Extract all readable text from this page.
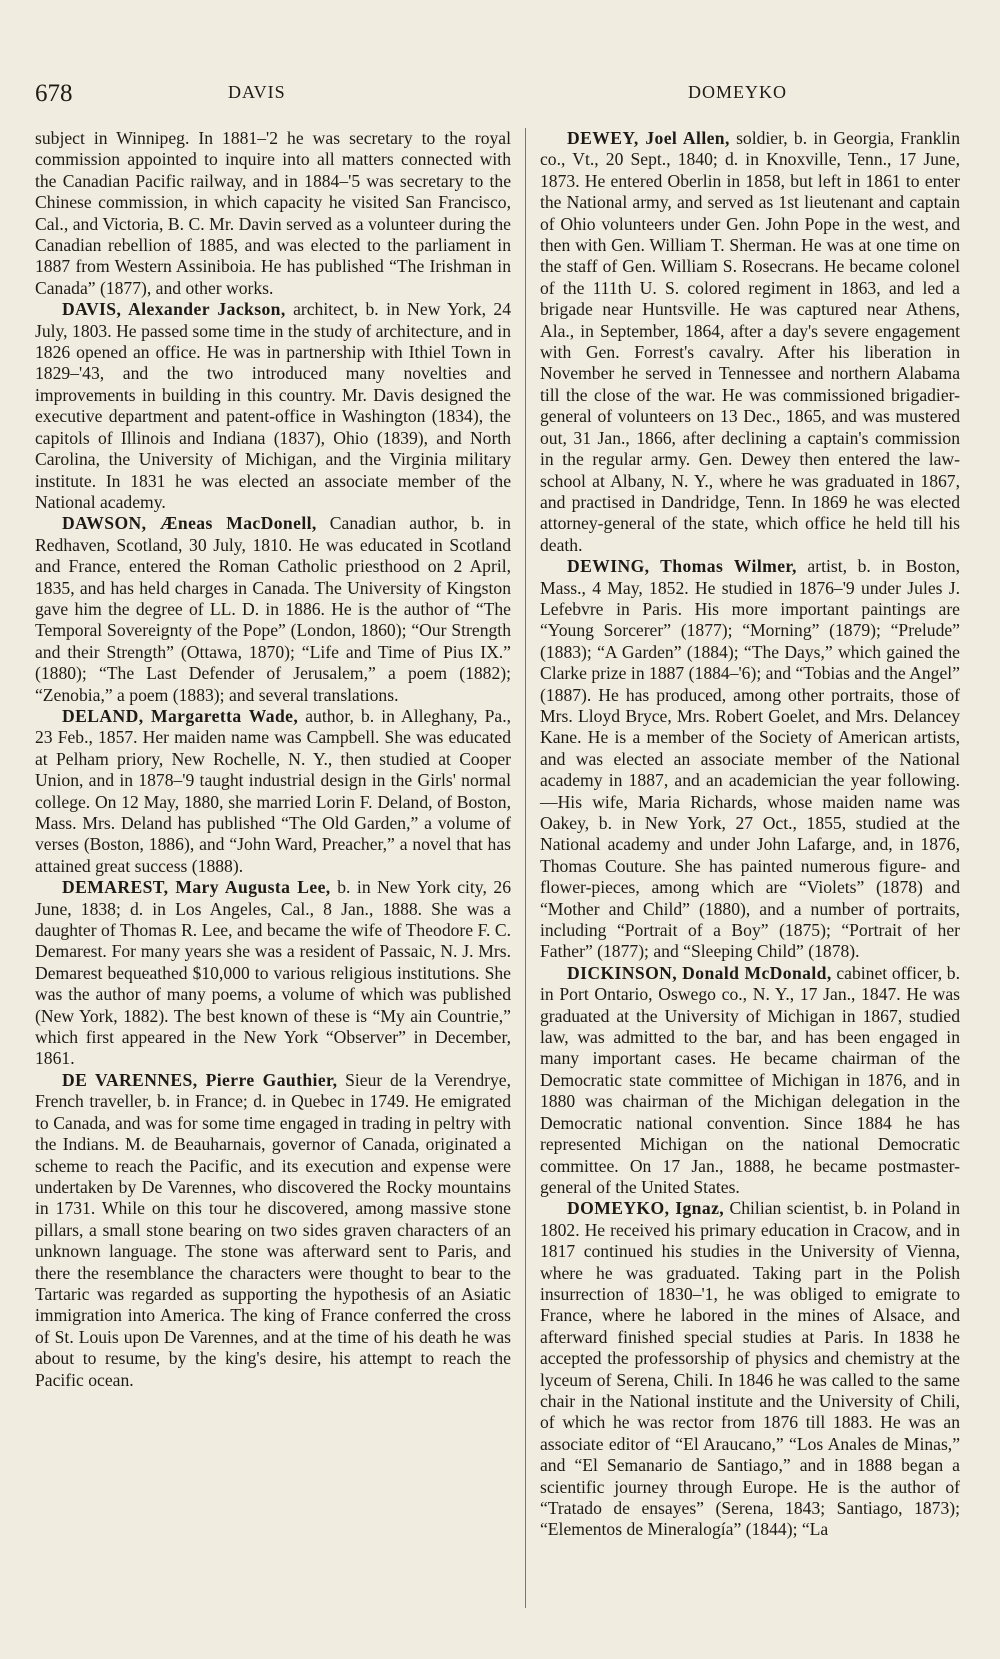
678	DAVIS	DOMEYKO

subject in Winnipeg. In 1881–'2 he was secretary to the royal commission appointed to inquire into all matters connected with the Canadian Pacific railway, and in 1884–'5 was secretary to the Chinese commission, in which capacity he visited San Francisco, Cal., and Victoria, B. C. Mr. Davin served as a volunteer during the Canadian rebellion of 1885, and was elected to the parliament in 1887 from Western Assiniboia. He has published “The Irishman in Canada” (1877), and other works.

DAVIS, Alexander Jackson, architect, b. in New York, 24 July, 1803. He passed some time in the study of architecture, and in 1826 opened an office. He was in partnership with Ithiel Town in 1829–'43, and the two introduced many novelties and improvements in building in this country. Mr. Davis designed the executive department and patent-office in Washington (1834), the capitols of Illinois and Indiana (1837), Ohio (1839), and North Carolina, the University of Michigan, and the Virginia military institute. In 1831 he was elected an associate member of the National academy.

DAWSON, Æneas MacDonell, Canadian author, b. in Redhaven, Scotland, 30 July, 1810. He was educated in Scotland and France, entered the Roman Catholic priesthood on 2 April, 1835, and has held charges in Canada. The University of Kingston gave him the degree of LL. D. in 1886. He is the author of “The Temporal Sovereignty of the Pope” (London, 1860); “Our Strength and their Strength” (Ottawa, 1870); “Life and Time of Pius IX.” (1880); “The Last Defender of Jerusalem,” a poem (1882); “Zenobia,” a poem (1883); and several translations.

DELAND, Margaretta Wade, author, b. in Alleghany, Pa., 23 Feb., 1857. Her maiden name was Campbell. She was educated at Pelham priory, New Rochelle, N. Y., then studied at Cooper Union, and in 1878–'9 taught industrial design in the Girls' normal college. On 12 May, 1880, she married Lorin F. Deland, of Boston, Mass. Mrs. Deland has published “The Old Garden,” a volume of verses (Boston, 1886), and “John Ward, Preacher,” a novel that has attained great success (1888).

DEMAREST, Mary Augusta Lee, b. in New York city, 26 June, 1838; d. in Los Angeles, Cal., 8 Jan., 1888. She was a daughter of Thomas R. Lee, and became the wife of Theodore F. C. Demarest. For many years she was a resident of Passaic, N. J. Mrs. Demarest bequeathed $10,000 to various religious institutions. She was the author of many poems, a volume of which was published (New York, 1882). The best known of these is “My ain Countrie,” which first appeared in the New York “Observer” in December, 1861.

DE VARENNES, Pierre Gauthier, Sieur de la Verendrye, French traveller, b. in France; d. in Quebec in 1749. He emigrated to Canada, and was for some time engaged in trading in peltry with the Indians. M. de Beauharnais, governor of Canada, originated a scheme to reach the Pacific, and its execution and expense were undertaken by De Varennes, who discovered the Rocky mountains in 1731. While on this tour he discovered, among massive stone pillars, a small stone bearing on two sides graven characters of an unknown language. The stone was afterward sent to Paris, and there the resemblance the characters were thought to bear to the Tartaric was regarded as supporting the hypothesis of an Asiatic immigration into America. The king of France conferred the cross of St. Louis upon De Varennes, and at the time of his death he was about to resume, by the king's desire, his attempt to reach the Pacific ocean.

DEWEY, Joel Allen, soldier, b. in Georgia, Franklin co., Vt., 20 Sept., 1840; d. in Knoxville, Tenn., 17 June, 1873. He entered Oberlin in 1858, but left in 1861 to enter the National army, and served as 1st lieutenant and captain of Ohio volunteers under Gen. John Pope in the west, and then with Gen. William T. Sherman. He was at one time on the staff of Gen. William S. Rosecrans. He became colonel of the 111th U. S. colored regiment in 1863, and led a brigade near Huntsville. He was captured near Athens, Ala., in September, 1864, after a day's severe engagement with Gen. Forrest's cavalry. After his liberation in November he served in Tennessee and northern Alabama till the close of the war. He was commissioned brigadier-general of volunteers on 13 Dec., 1865, and was mustered out, 31 Jan., 1866, after declining a captain's commission in the regular army. Gen. Dewey then entered the law-school at Albany, N. Y., where he was graduated in 1867, and practised in Dandridge, Tenn. In 1869 he was elected attorney-general of the state, which office he held till his death.

DEWING, Thomas Wilmer, artist, b. in Boston, Mass., 4 May, 1852. He studied in 1876–'9 under Jules J. Lefebvre in Paris. His more important paintings are “Young Sorcerer” (1877); “Morning” (1879); “Prelude” (1883); “A Garden” (1884); “The Days,” which gained the Clarke prize in 1887 (1884–'6); and “Tobias and the Angel” (1887). He has produced, among other portraits, those of Mrs. Lloyd Bryce, Mrs. Robert Goelet, and Mrs. Delancey Kane. He is a member of the Society of American artists, and was elected an associate member of the National academy in 1887, and an academician the year following.—His wife, Maria Richards, whose maiden name was Oakey, b. in New York, 27 Oct., 1855, studied at the National academy and under John Lafarge, and, in 1876, Thomas Couture. She has painted numerous figure- and flower-pieces, among which are “Violets” (1878) and “Mother and Child” (1880), and a number of portraits, including “Portrait of a Boy” (1875); “Portrait of her Father” (1877); and “Sleeping Child” (1878).

DICKINSON, Donald McDonald, cabinet officer, b. in Port Ontario, Oswego co., N. Y., 17 Jan., 1847. He was graduated at the University of Michigan in 1867, studied law, was admitted to the bar, and has been engaged in many important cases. He became chairman of the Democratic state committee of Michigan in 1876, and in 1880 was chairman of the Michigan delegation in the Democratic national convention. Since 1884 he has represented Michigan on the national Democratic committee. On 17 Jan., 1888, he became postmaster-general of the United States.

DOMEYKO, Ignaz, Chilian scientist, b. in Poland in 1802. He received his primary education in Cracow, and in 1817 continued his studies in the University of Vienna, where he was graduated. Taking part in the Polish insurrection of 1830–'1, he was obliged to emigrate to France, where he labored in the mines of Alsace, and afterward finished special studies at Paris. In 1838 he accepted the professorship of physics and chemistry at the lyceum of Serena, Chili. In 1846 he was called to the same chair in the National institute and the University of Chili, of which he was rector from 1876 till 1883. He was an associate editor of “El Araucano,” “Los Anales de Minas,” and “El Semanario de Santiago,” and in 1888 began a scientific journey through Europe. He is the author of “Tratado de ensayes” (Serena, 1843; Santiago, 1873); “Elementos de Mineralogía” (1844); “La
